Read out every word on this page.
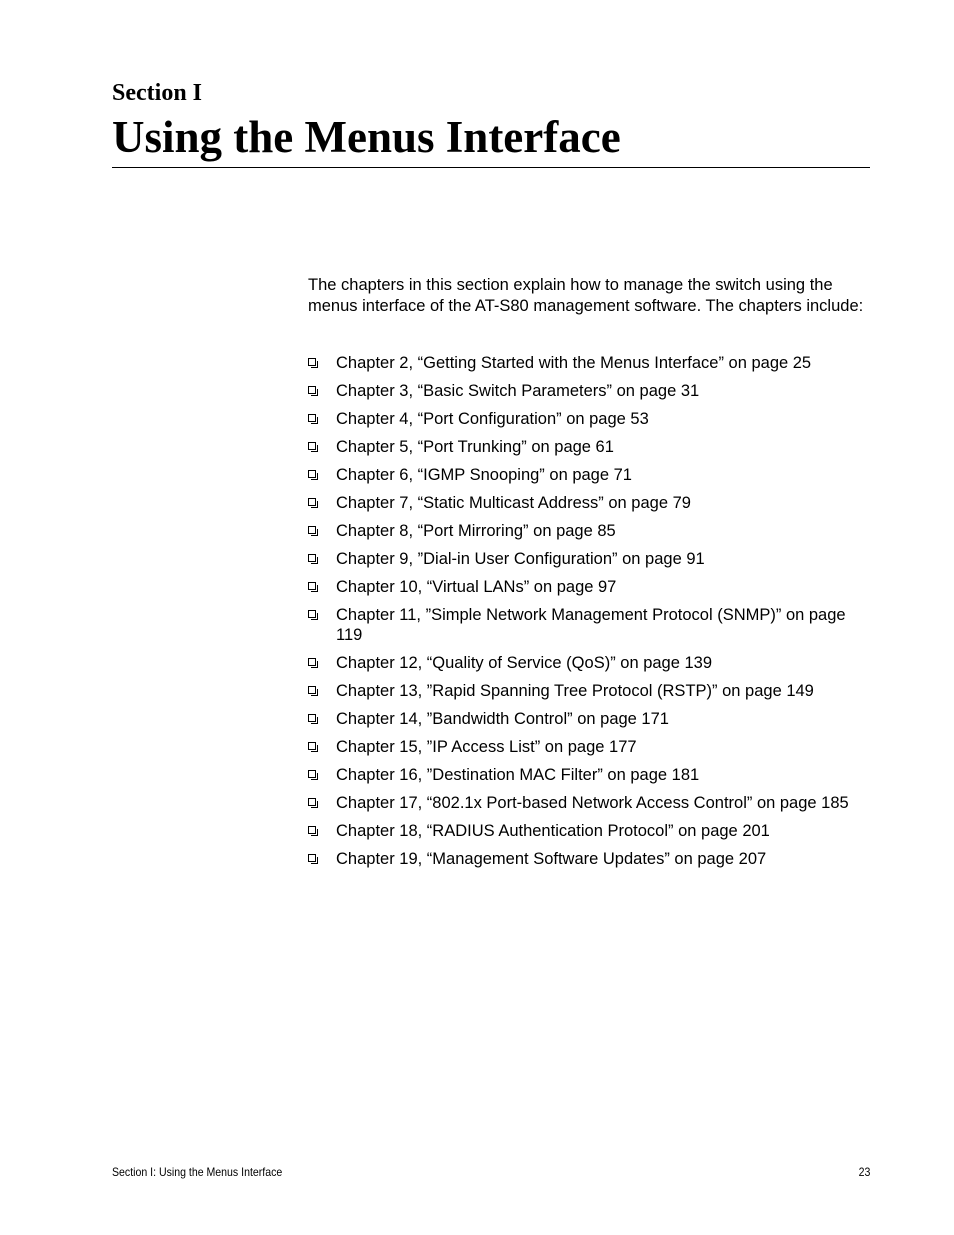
Section I
Using the Menus Interface

The chapters in this section explain how to manage the switch using the menus interface of the AT-S80 management software. The chapters include:

Chapter 2, “Getting Started with the Menus Interface” on page 25
Chapter 3, “Basic Switch Parameters” on page 31
Chapter 4, “Port Configuration” on page 53
Chapter 5, “Port Trunking” on page 61
Chapter 6, “IGMP Snooping” on page 71
Chapter 7, “Static Multicast Address” on page 79
Chapter 8, “Port Mirroring” on page 85
Chapter 9, ”Dial-in User Configuration” on page 91
Chapter 10, “Virtual LANs” on page 97
Chapter 11, ”Simple Network Management Protocol (SNMP)” on page 119
Chapter 12, “Quality of Service (QoS)” on page 139
Chapter 13, ”Rapid Spanning Tree Protocol (RSTP)” on page 149
Chapter 14, ”Bandwidth Control” on page 171
Chapter 15, ”IP Access List” on page 177
Chapter 16, ”Destination MAC Filter” on page 181
Chapter 17, “802.1x Port-based Network Access Control” on page 185
Chapter 18, “RADIUS Authentication Protocol” on page 201
Chapter 19, “Management Software Updates” on page 207

Section I: Using the Menus Interface	23
